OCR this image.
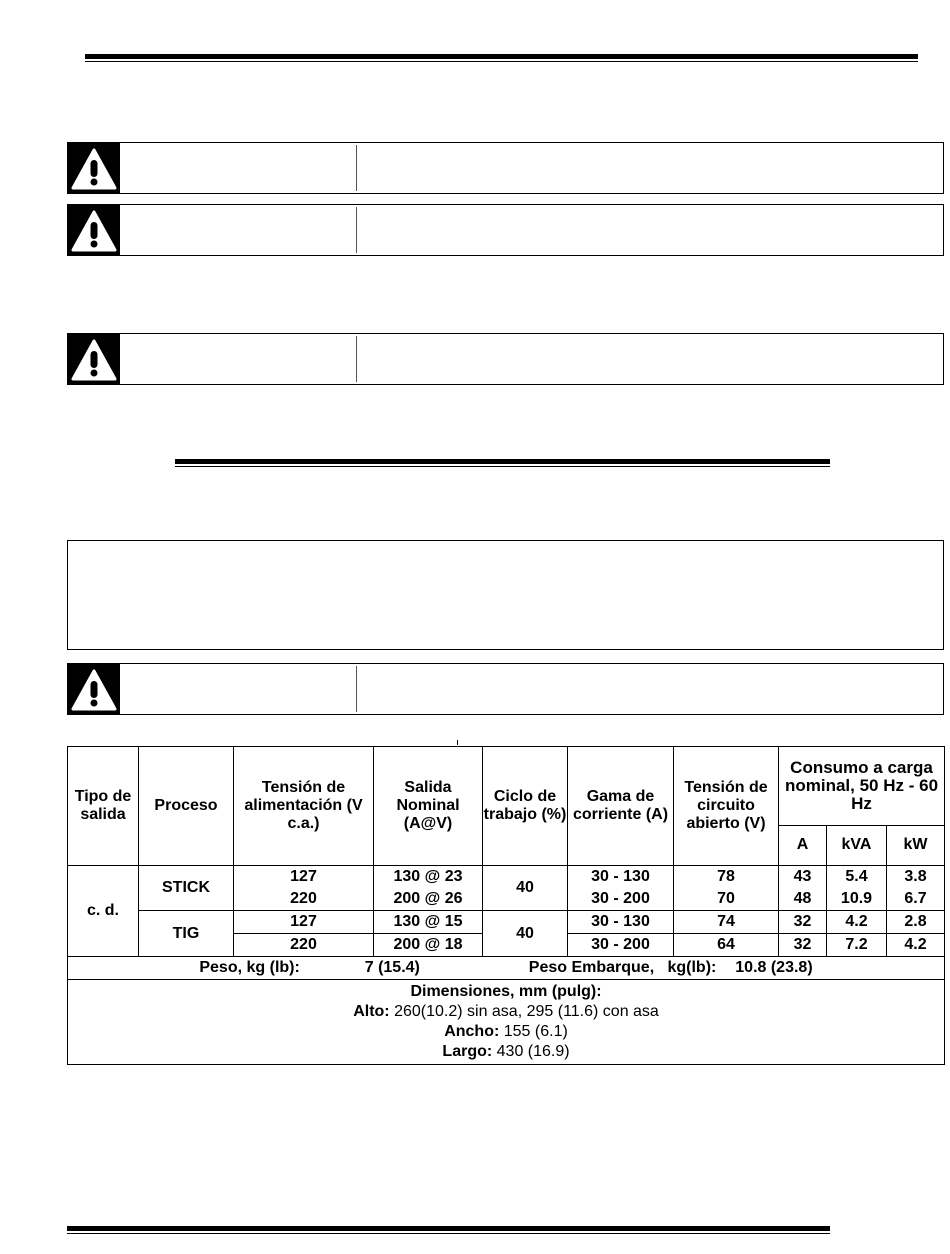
Tipo de salida	Proceso	Tensión de alimentación (V c.a.)	Salida Nominal (A@V)	Ciclo de trabajo (%)	Gama de corriente (A)	Tensión de circuito abierto (V)	Consumo a carga nominal, 50 Hz - 60 Hz		
							A	kVA	kW
c. d.	STICK	127	130 @ 23	40	30 - 130	78	43	5.4	3.8
		220	200 @ 26		30 - 200	70	48	10.9	6.7
	TIG	127	130 @ 15	40	30 - 130	74	32	4.2	2.8
		220	200 @ 18		30 - 200	64	32	7.2	4.2
Peso, kg (lb): 7 (15.4) Peso Embarque,   kg(lb): 10.8 (23.8)									

Dimensiones, mm (pulg):
Alto: 260(10.2) sin asa, 295 (11.6) con asa
Ancho: 155 (6.1)
Largo: 430 (16.9)									
